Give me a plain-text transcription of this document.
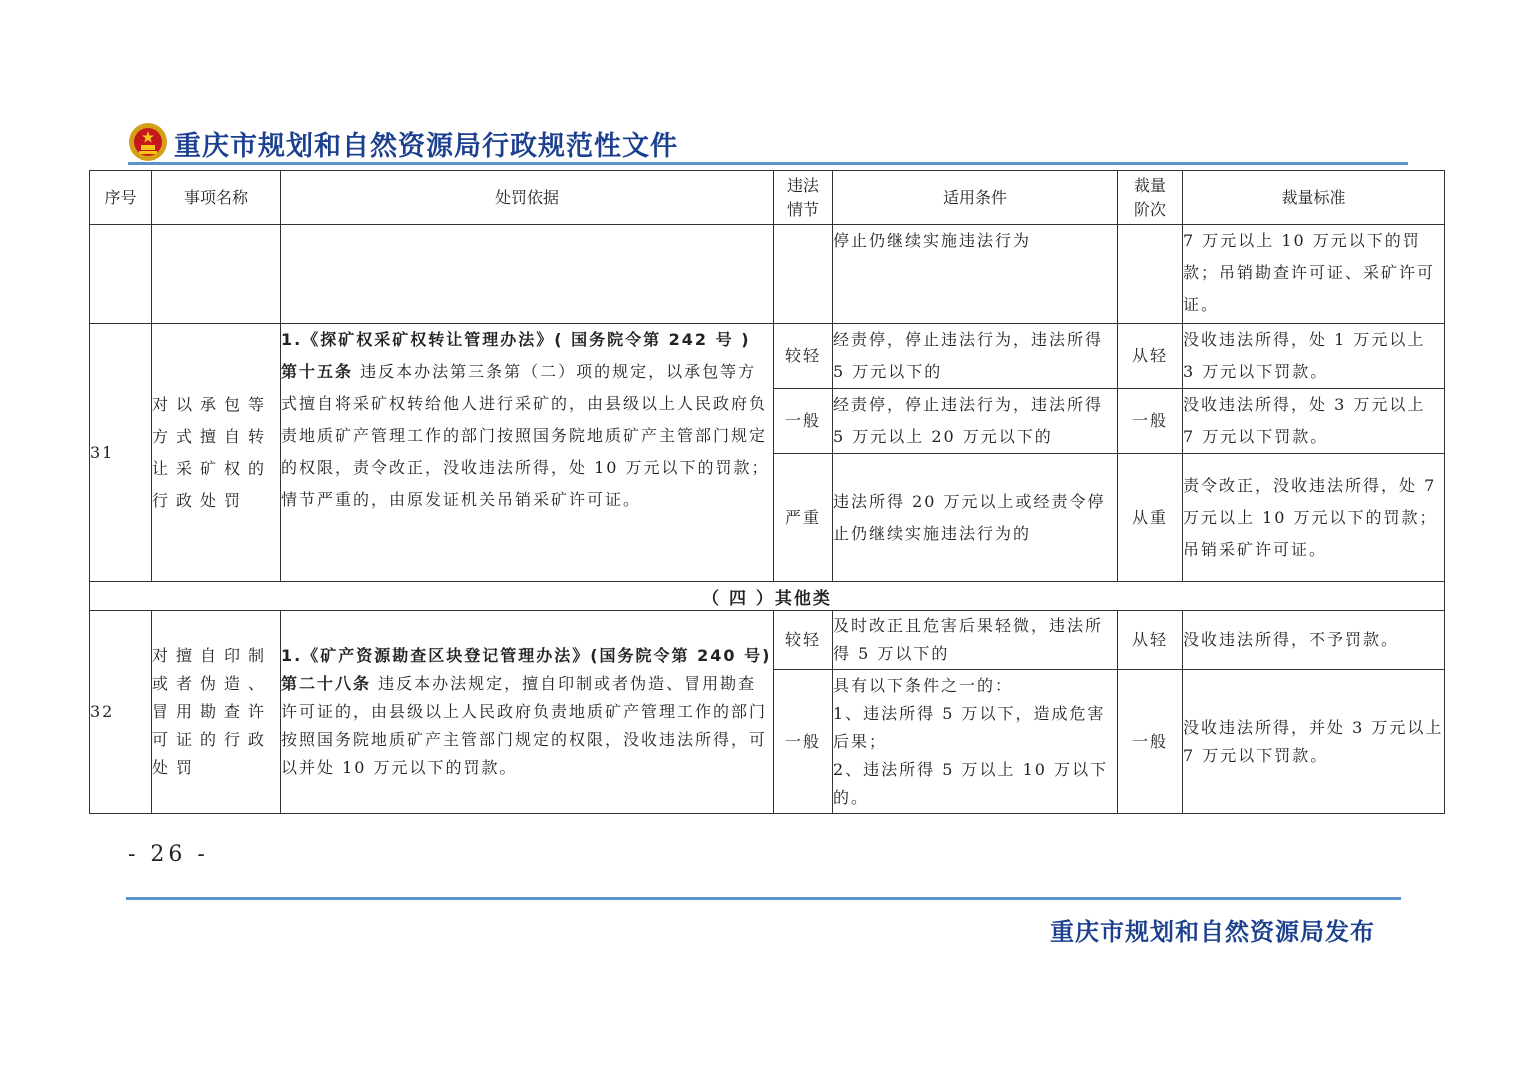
重庆市规划和自然资源局行政规范性文件
序号	事项名称	处罚依据	违法情节	适用条件	裁量阶次	裁量标准
				停止仍继续实施违法行为		7 万元以上 10 万元以下的罚款；吊销勘查许可证、采矿许可证。
31	对以承包等方式擅自转让采矿权的行政处罚	1.《探矿权采矿权转让管理办法》( 国务院令第 242 号 ) 第十五条 违反本办法第三条第（二）项的规定，以承包等方式擅自将采矿权转给他人进行采矿的，由县级以上人民政府负责地质矿产管理工作的部门按照国务院地质矿产主管部门规定的权限，责令改正，没收违法所得，处 10 万元以下的罚款；情节严重的，由原发证机关吊销采矿许可证。	较轻	经责停，停止违法行为，违法所得 5 万元以下的	从轻	没收违法所得，处 1 万元以上 3 万元以下罚款。
			一般	经责停，停止违法行为，违法所得 5 万元以上 20 万元以下的	一般	没收违法所得，处 3 万元以上 7 万元以下罚款。
			严重	违法所得 20 万元以上或经责令停止仍继续实施违法行为的	从重	责令改正，没收违法所得，处 7 万元以上 10 万元以下的罚款；吊销采矿许可证。
（ 四 ）其他类						
32	对擅自印制或者伪造、冒用勘查许可证的行政处罚	1.《矿产资源勘查区块登记管理办法》(国务院令第 240 号) 第二十八条 违反本办法规定，擅自印制或者伪造、冒用勘查许可证的，由县级以上人民政府负责地质矿产管理工作的部门按照国务院地质矿产主管部门规定的权限，没收违法所得，可以并处 10 万元以下的罚款。	较轻	及时改正且危害后果轻微，违法所得 5 万以下的	从轻	没收违法所得，不予罚款。
			一般	具有以下条件之一的：
1、违法所得 5 万以下，造成危害后果；
2、违法所得 5 万以上 10 万以下的。	一般	没收违法所得，并处 3 万元以上 7 万元以下罚款。
- 26 -
重庆市规划和自然资源局发布
